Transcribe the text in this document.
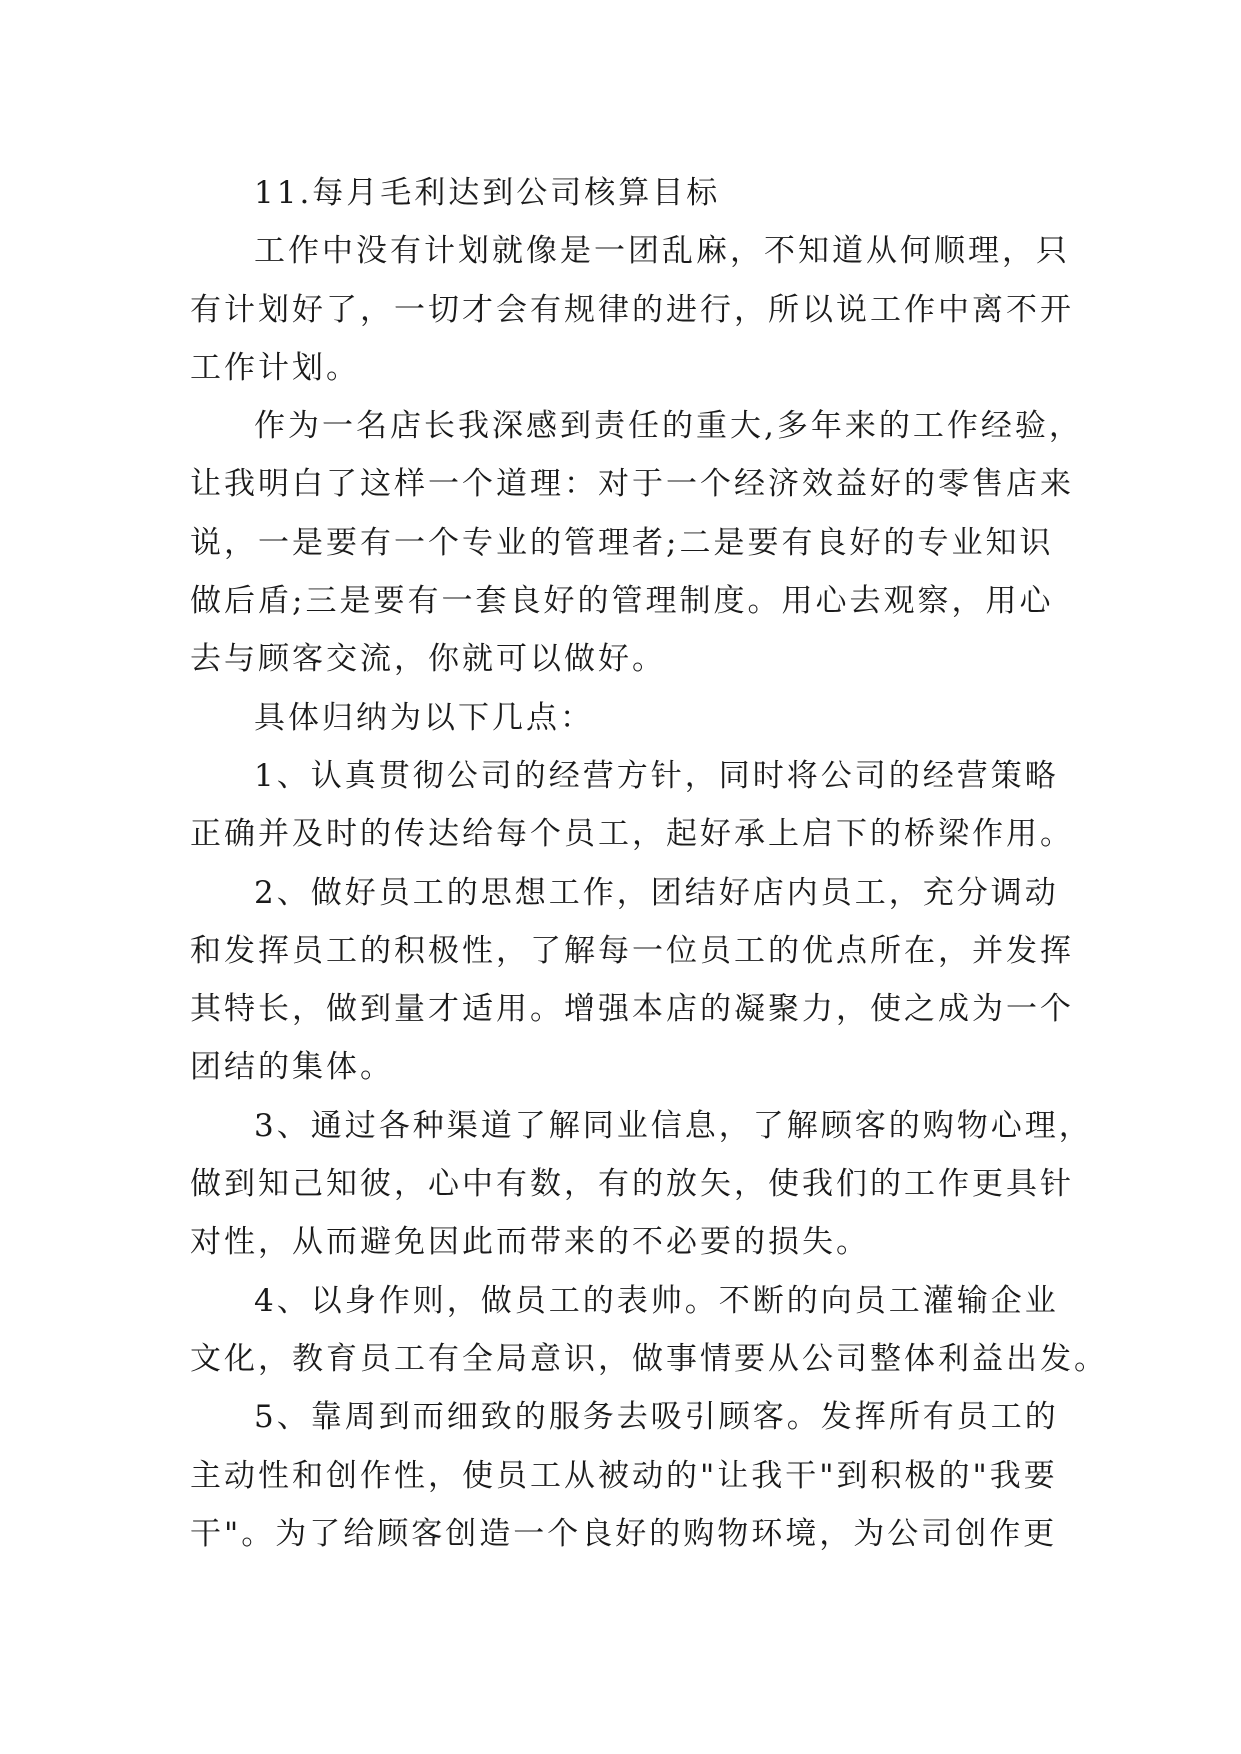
11.每月毛利达到公司核算目标

工作中没有计划就像是一团乱麻，不知道从何顺理，只
有计划好了，一切才会有规律的进行，所以说工作中离不开
工作计划。

作为一名店长我深感到责任的重大,多年来的工作经验，
让我明白了这样一个道理：对于一个经济效益好的零售店来
说，一是要有一个专业的管理者;二是要有良好的专业知识
做后盾;三是要有一套良好的管理制度。用心去观察，用心
去与顾客交流，你就可以做好。

具体归纳为以下几点：

1、认真贯彻公司的经营方针，同时将公司的经营策略
正确并及时的传达给每个员工，起好承上启下的桥梁作用。

2、做好员工的思想工作，团结好店内员工，充分调动
和发挥员工的积极性，了解每一位员工的优点所在，并发挥
其特长，做到量才适用。增强本店的凝聚力，使之成为一个
团结的集体。

3、通过各种渠道了解同业信息，了解顾客的购物心理，
做到知己知彼，心中有数，有的放矢，使我们的工作更具针
对性，从而避免因此而带来的不必要的损失。

4、以身作则，做员工的表帅。不断的向员工灌输企业
文化，教育员工有全局意识，做事情要从公司整体利益出发。

5、靠周到而细致的服务去吸引顾客。发挥所有员工的
主动性和创作性，使员工从被动的"让我干"到积极的"我要
干"。为了给顾客创造一个良好的购物环境，为公司创作更
